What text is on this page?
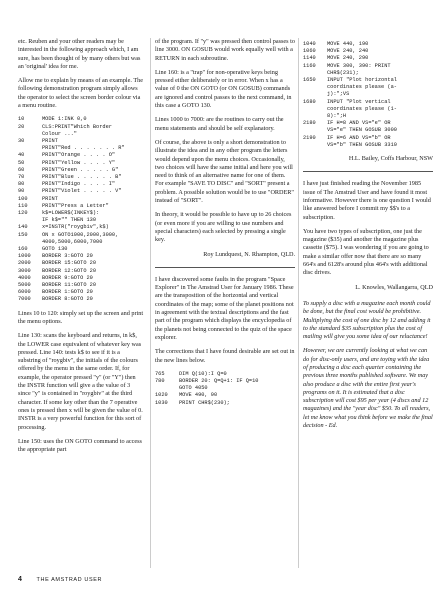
etc. Reuben and your other readers may be interested in the following approach which, I am sure, has been thought of by many others but was an 'original' idea for me.

Allow me to explain by means of an example. The following demonstration program simply allows the operator to select the screen border colour via a menu routine.

10	MODE 1:INK 0,0
20	CLS:PRINT"Which Border
Colour ..."
30	PRINT
PRINT"Red . . . . . . . R"
40	PRINT"Orange . . . . O"
50	PRINT"Yellow . . . . Y"
60	PRINT"Green . . . . . G"
70	PRINT"Blue . . . . . . B"
80	PRINT"Indigo . . . . I"
90	PRINT"Violet . . . . . V"
100	PRINT
110	PRINT"Press a Letter"
120	k$=LOWER$(INKEY$):
IF k$="" THEN 130
140	x=INSTR("roygbiv",k$)
150	ON x GOTO1000,2000,3000,
4000,5000,6000,7000
160	GOTO 130
1000 BORDER 3:GOTO 20
2000 BORDER 15:GOTO 20
3000 BORDER 12:GOTO 20
4000 BORDER 9:GOTO 20
5000 BORDER 11:GOTO 20
6000 BORDER 1:GOTO 20
7000 BORDER 8:GOTO 20

Lines 10 to 120: simply set up the screen and print the menu options.

Line 130: scans the keyboard and returns, in k$, the LOWER case equivalent of whatever key was pressed. Line 140: tests k$ to see if it is a substring of "roygbiv", the initials of the colours offered by the menu in the same order. If, for example, the operator pressed "y" (or "Y") then the INSTR function will give a the value of 3 since "y" is contained in "roygbiv" at the third character. If some key other than the 7 operative ones is pressed then x will be given the value of 0. INSTR is a very powerful function for this sort of processing.

Line 150: uses the ON GOTO command to access the appropriate part

of the program. If "y" was pressed then control passes to line 3000. ON GOSUB would work equally well with a RETURN in each subroutine.

Line 160: is a "trap" for non-operative keys being pressed either deliberately or in error. When x has a value of 0 the ON GOTO (or ON GOSUB) commands are ignored and control passes to the next command, in this case a GOTO 130.

Lines 1000 to 7000: are the routines to carry out the menu statements and should be self explanatory.

Of course, the above is only a short demonstration to illustrate the idea and in any other program the letters would depend upon the menu choices. Occasionally, two choices will have the same initial and here you will need to think of an alternative name for one of them. For example "SAVE TO DISC" and "SORT" present a problem. A possible solution would be to use "ORDER" instead of "SORT".

In theory, it would be possible to have up to 26 choices (or even more if you are willing to use numbers and special characters) each selected by pressing a single key.

Roy Lundquest, N. Rhampton, QLD.

I have discovered some faults in the program "Space Explorer" in The Amstrad User for January 1986. These are the transposition of the horizontal and vertical coordinates of the map; some of the planet positions not in agreement with the textual descriptions and the fast part of the program which displays the encyclopedia of the planets not being connected to the quiz of the space explorer.

The corrections that I have found desirable are set out in the new lines below.

765	DIM Q(10):I Q=0
780	BORDER 20: Q=Q+1: IF Q=10
GOTO 4050
1020 MOVE 490, 90
1030 PRINT CHR$(230);
1040 MOVE 440, 190
1060 MOVE 240, 240
1140 MOVE 240, 290
1160 MOVE 300, 390: PRINT
CHR$(231);
1650 INPUT "Plot horizontal
coordinates please (a-
j):";VS
1680 INPUT "Plot vertical
coordinates please (1-
8):";H
2180 IF H=8 AND VS="e" OR
VS="e" THEN GOSUB 3000
2190 IF H=6 AND VS="b" OR
VS="b" THEN GOSUB 3310

H.L. Bailey, Coffs Harbour, NSW

I have just finished reading the November 1985 issue of The Amstrad User and have found it most informative. However there is one question I would like answered before I commit my $$'s to a subscription.

You have two types of subscription, one just the magazine ($35) and another the magazine plus cassette ($75). I was wondering if you are going to make a similar offer now that there are so many 664's and 6128's around plus 464's with additional disc drives.

L. Knowles, Wallangarra, QLD

To supply a disc with a magazine each month could be done, but the final cost would be prohibitive. Multiplying the cost of one disc by 12 and adding it to the standard $35 subscription plus the cost of mailing will give you some idea of our reluctance!

However, we are currently looking at what we can do for disc-only users, and are toying with the idea of producing a disc each quarter containing the previous three months published software. We may also produce a disc with the entire first year's programs on it. It is estimated that a disc subscription will cost $95 per year (4 discs and 12 magazines) and the "year disc" $50. To all readers, let me know what you think before we make the final decision - Ed.

4	THE AMSTRAD USER
